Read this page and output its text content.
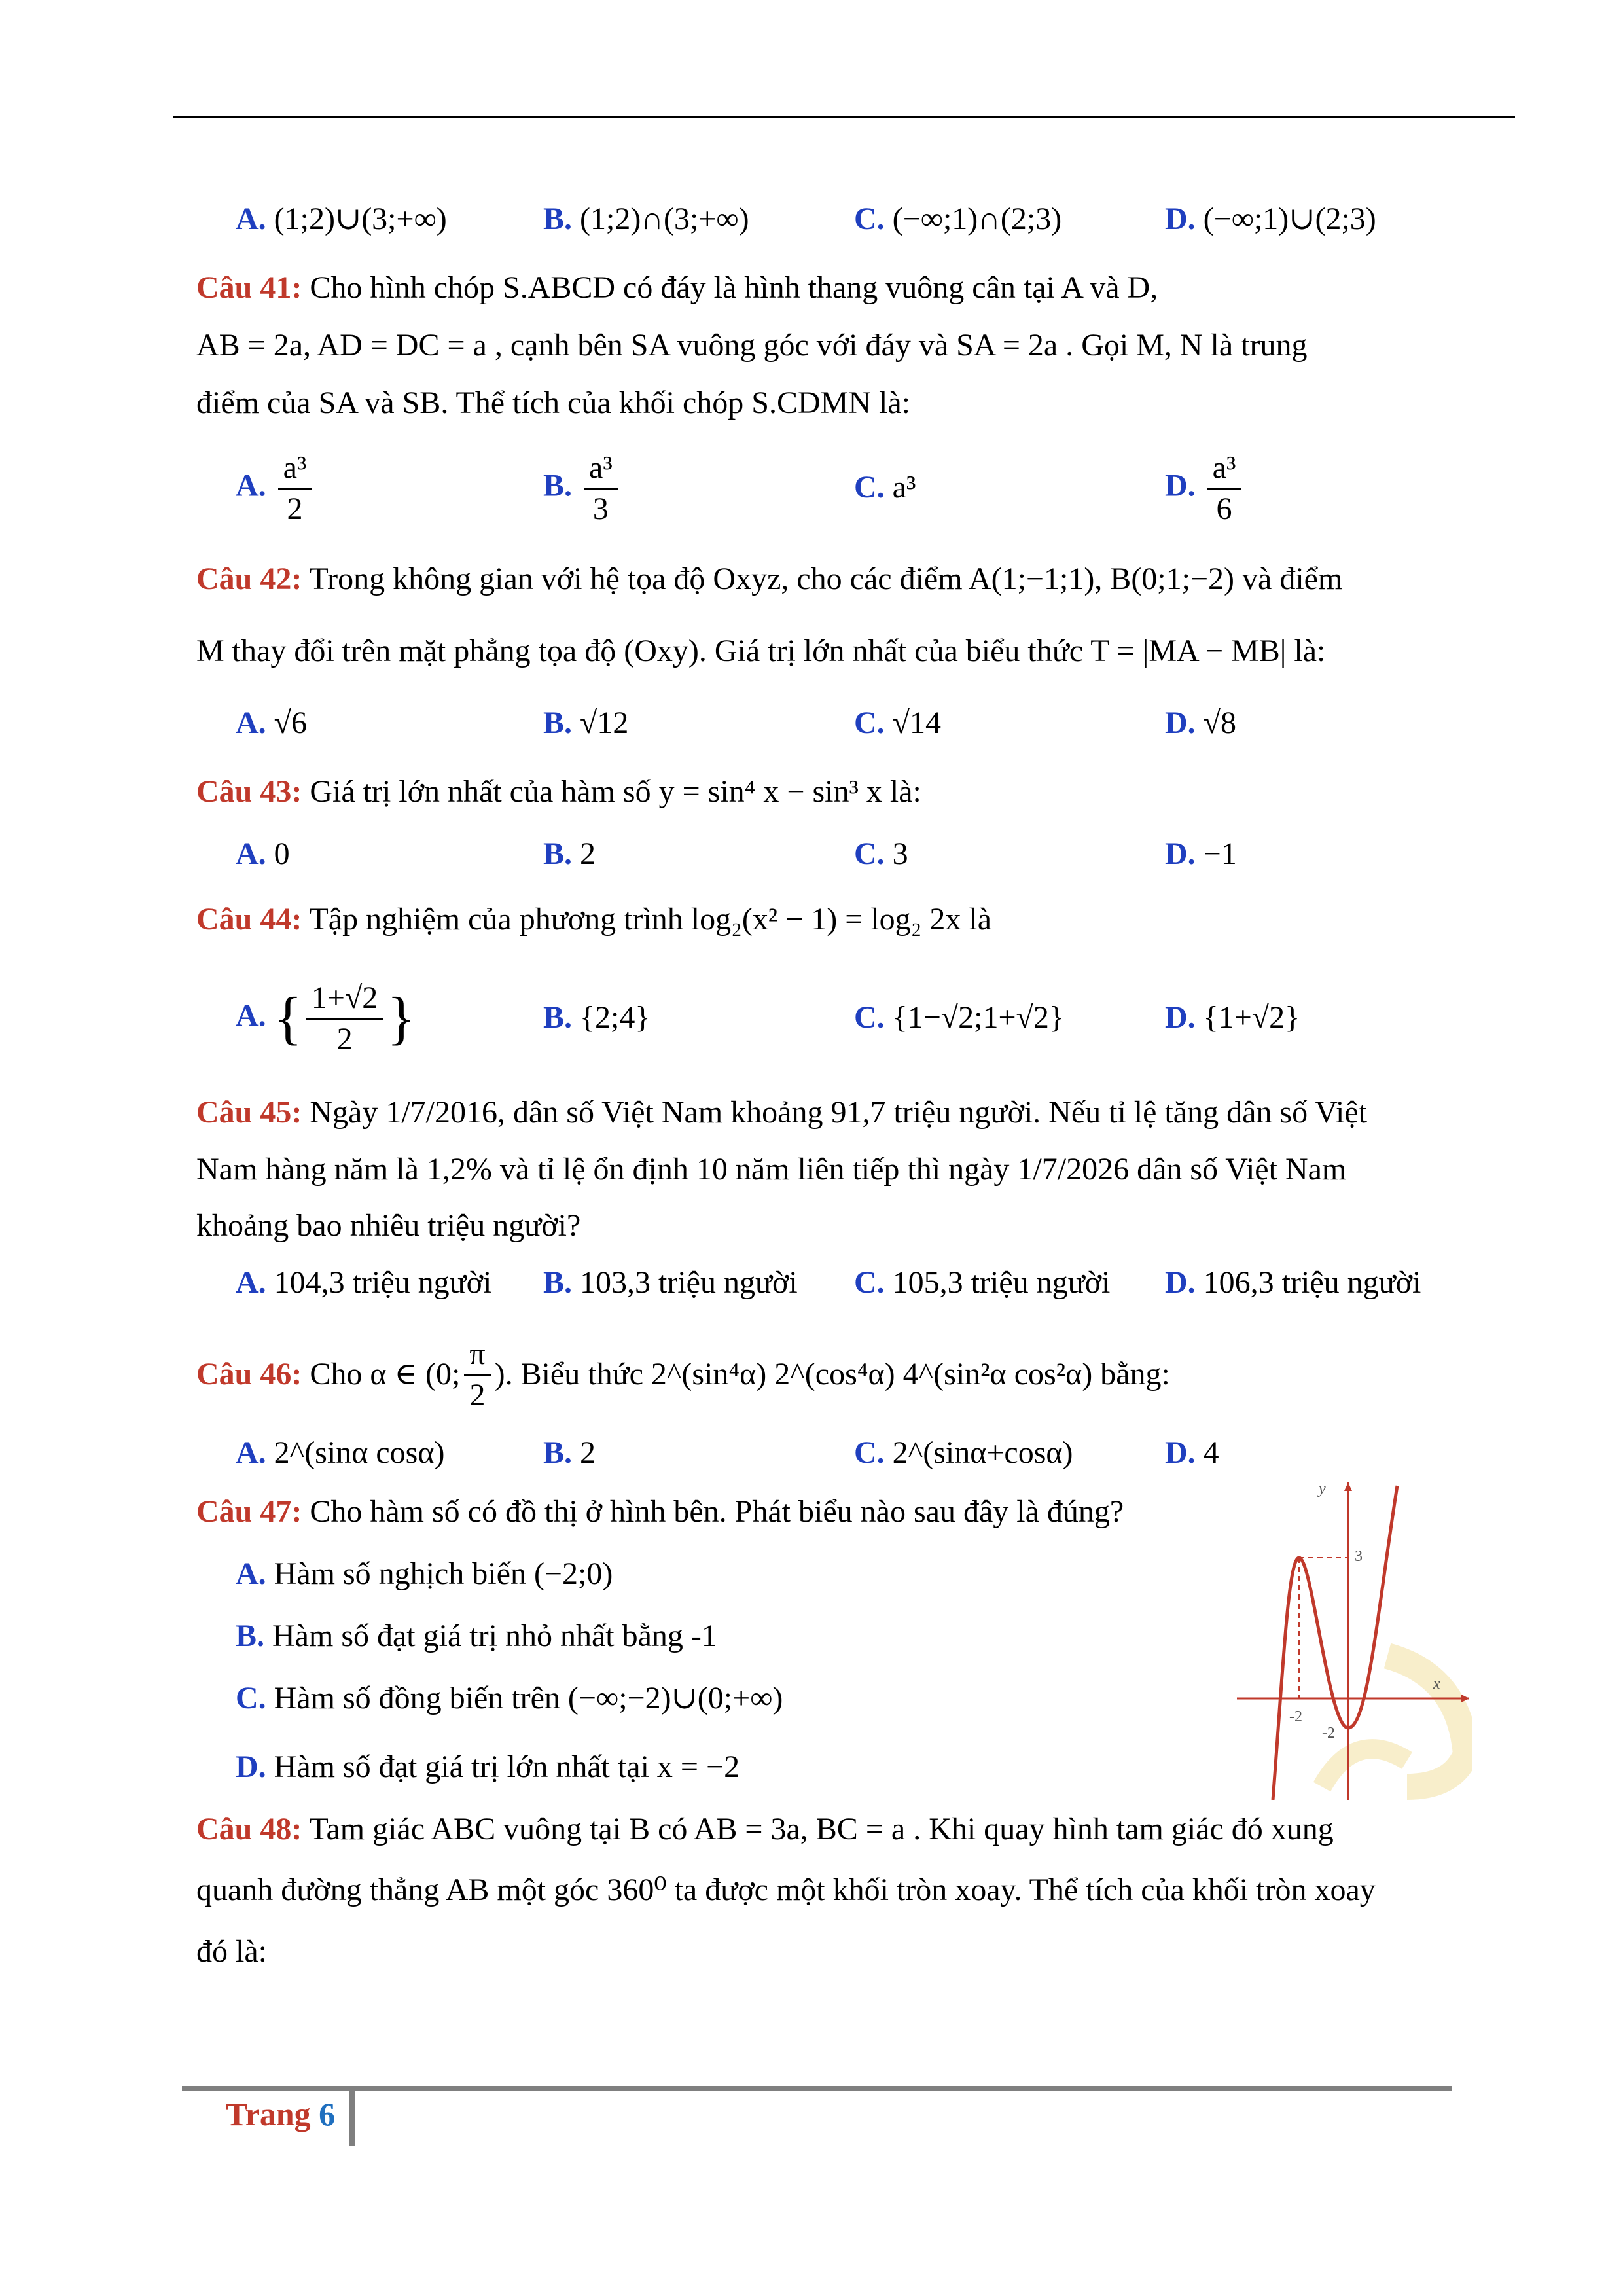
A. (1;2)∪(3;+∞)	B. (1;2)∩(3;+∞)	C. (−∞;1)∩(2;3)	D. (−∞;1)∪(2;3)
Câu 41: Cho hình chóp S.ABCD có đáy là hình thang vuông cân tại A và D,
AB = 2a, AD = DC = a , cạnh bên SA vuông góc với đáy và SA = 2a . Gọi M, N là trung
điểm của SA và SB. Thể tích của khối chóp S.CDMN là:
A. $\frac{\text{a³}}{2}$	B. $\frac{\text{a³}}{3}$	C. a³	D. $\frac{\text{a³}}{6}$
Câu 42: Trong không gian với hệ tọa độ Oxyz, cho các điểm A(1;−1;1), B(0;1;−2) và điểm
M thay đổi trên mặt phẳng tọa độ (Oxy). Giá trị lớn nhất của biểu thức T = |MA − MB| là:
A. √6	B. √12	C. √14	D. √8
Câu 43: Giá trị lớn nhất của hàm số y = sin⁴ x − sin³ x là:
A. 0	B. 2	C. 3	D. −1
Câu 44: Tập nghiệm của phương trình log₂(x² − 1) = log₂ 2x là
A. { $\frac{1+√2}{2}$ }	B. {2;4}	C. {1−√2;1+√2}	D. {1+√2}
Câu 45: Ngày 1/7/2016, dân số Việt Nam khoảng 91,7 triệu người. Nếu tỉ lệ tăng dân số Việt
Nam hàng năm là 1,2% và tỉ lệ ổn định 10 năm liên tiếp thì ngày 1/7/2026 dân số Việt Nam
khoảng bao nhiêu triệu người?
A. 104,3 triệu người B. 103,3 triệu người C. 105,3 triệu người D. 106,3 triệu người
Câu 46:
Cho α ∈ (0; $\frac{\pi}{2}$ ). Biểu thức 2^(sin⁴α) 2^(cos⁴α) 4^(sin²α cos²α) bằng:
A. 2^(sinα cosα)	B. 2	C. 2^(sinα+cosα)	D. 4
Câu 47: Cho hàm số có đồ thị ở hình bên. Phát biểu nào sau đây là đúng?
A. Hàm số nghịch biến (−2;0)
B. Hàm số đạt giá trị nhỏ nhất bằng -1
C. Hàm số đồng biến trên (−∞;−2)∪(0;+∞)
D. Hàm số đạt giá trị lớn nhất tại x = −2
y
x
3
-2
-2
Câu 48: Tam giác ABC vuông tại B có AB = 3a, BC = a . Khi quay hình tam giác đó xung
quanh đường thẳng AB một góc 360⁰ ta được một khối tròn xoay. Thể tích của khối tròn xoay
đó là:
Trang 6
